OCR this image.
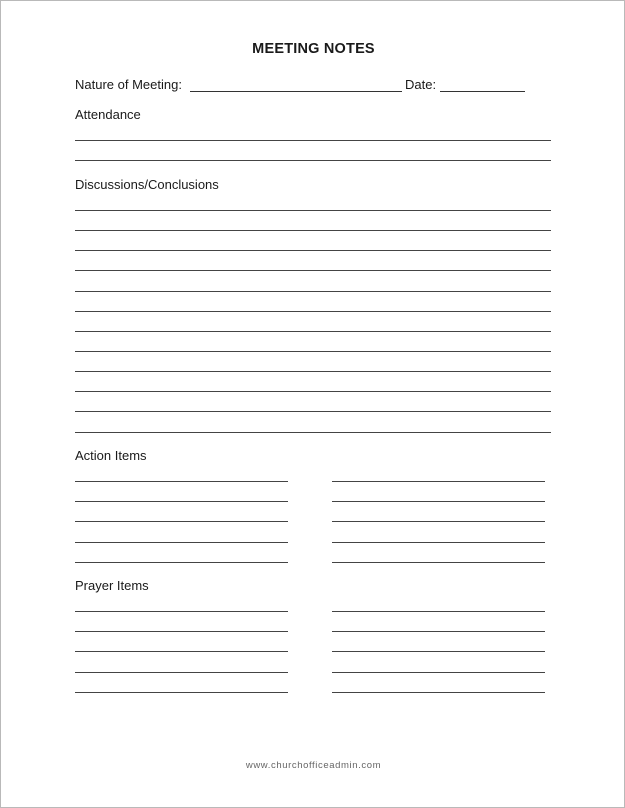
MEETING NOTES
Nature of Meeting:	Date:
Attendance
Discussions/Conclusions
Action Items
Prayer Items
www.churchofficeadmin.com
